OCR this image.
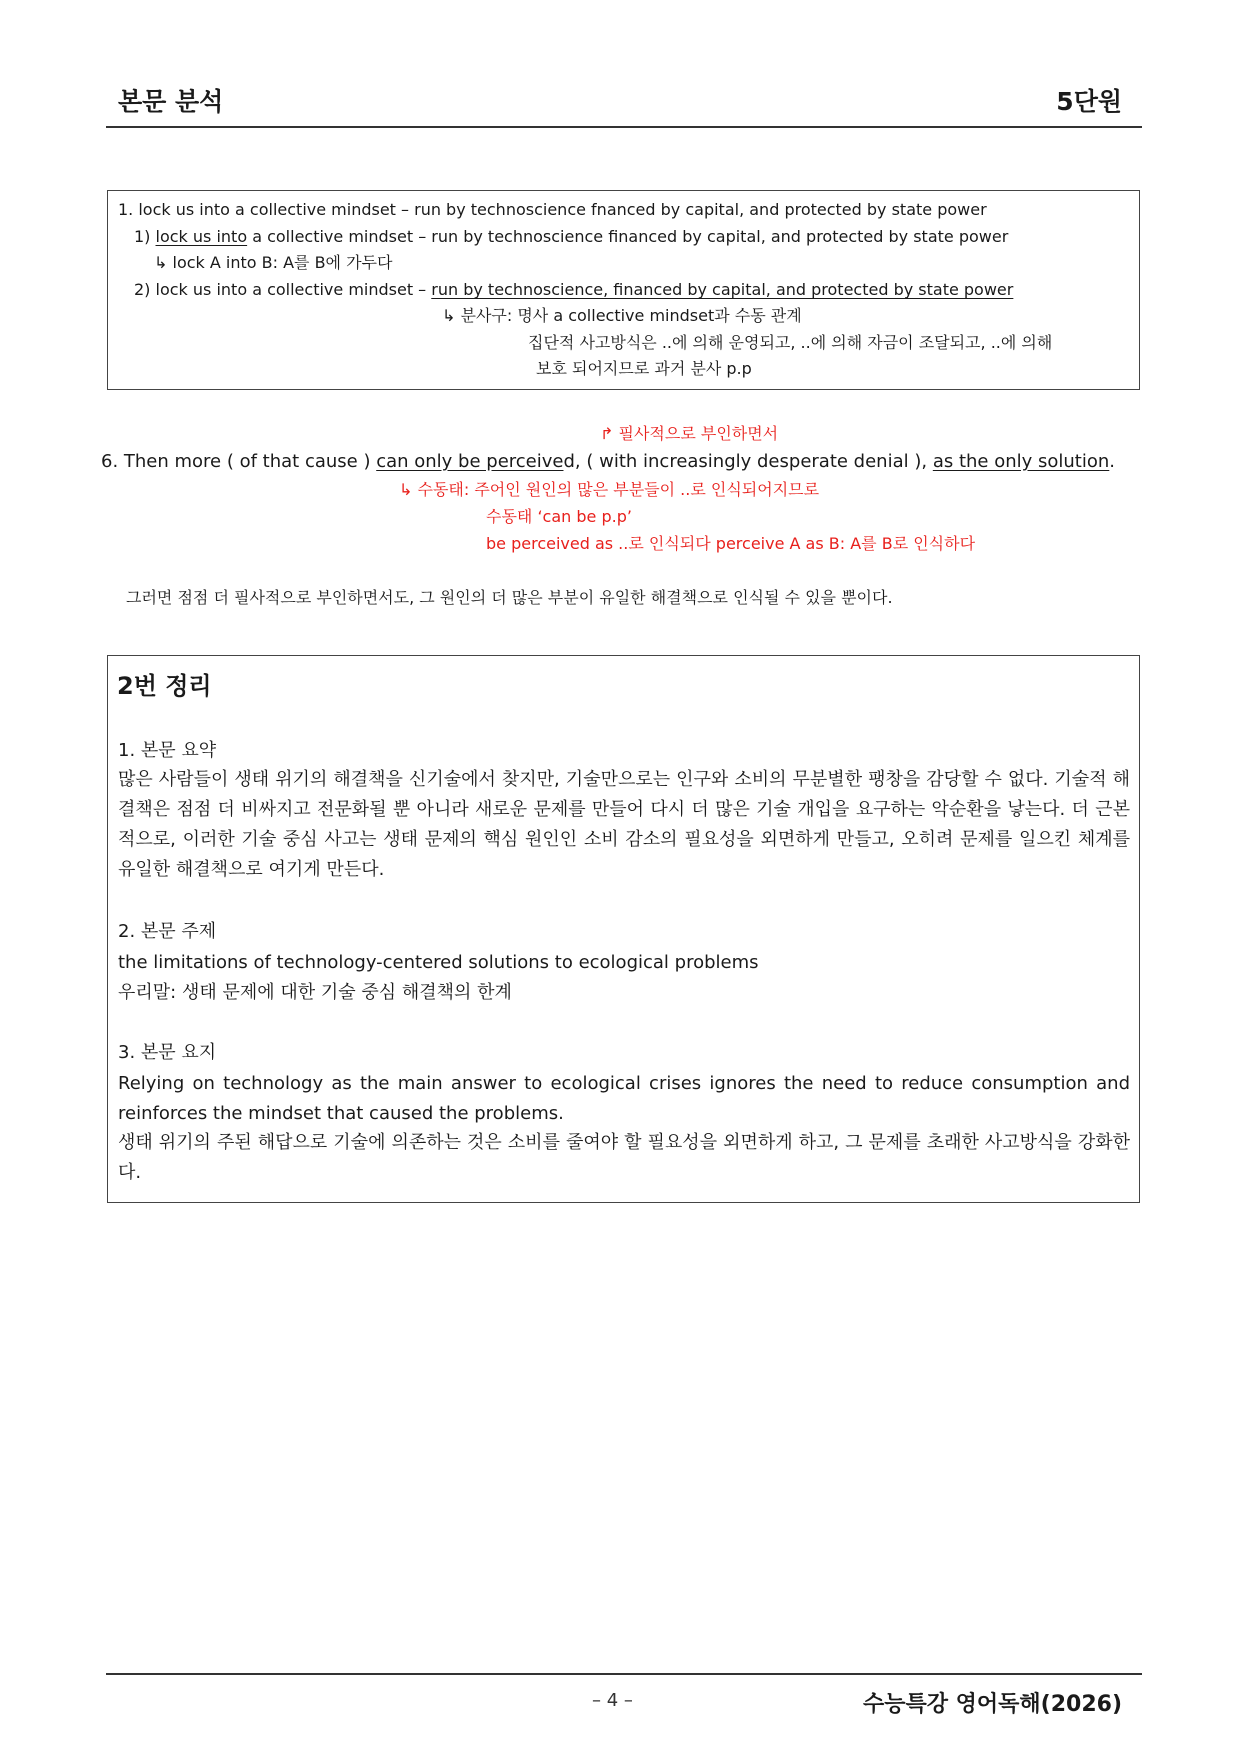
본문 분석	5단원
1. lock us into a collective mindset – run by technoscience fnanced by capital, and protected by state power
1) lock us into a collective mindset – run by technoscience financed by capital, and protected by state power
↳ lock A into B: A를 B에 가두다
2) lock us into a collective mindset – run by technoscience, financed by capital, and protected by state power
↳ 분사구: 명사 a collective mindset과 수동 관계
집단적 사고방식은 ..에 의해 운영되고, ..에 의해 자금이 조달되고, ..에 의해
보호 되어지므로 과거 분사 p.p
↱ 필사적으로 부인하면서
6. Then more ( of that cause ) can only be perceived, ( with increasingly desperate denial ), as the only solution.
↳ 수동태: 주어인 원인의 많은 부분들이 ..로 인식되어지므로
수동태 ‘can be p.p’
be perceived as ..로 인식되다 perceive A as B: A를 B로 인식하다
그러면 점점 더 필사적으로 부인하면서도, 그 원인의 더 많은 부분이 유일한 해결책으로 인식될 수 있을 뿐이다.
2번 정리
1. 본문 요약
많은 사람들이 생태 위기의 해결책을 신기술에서 찾지만, 기술만으로는 인구와 소비의 무분별한 팽창을 감당할 수 없다. 기술적 해결책은 점점 더 비싸지고 전문화될 뿐 아니라 새로운 문제를 만들어 다시 더 많은 기술 개입을 요구하는 악순환을 낳는다. 더 근본적으로, 이러한 기술 중심 사고는 생태 문제의 핵심 원인인 소비 감소의 필요성을 외면하게 만들고, 오히려 문제를 일으킨 체계를 유일한 해결책으로 여기게 만든다.
2. 본문 주제
the limitations of technology-centered solutions to ecological problems
우리말: 생태 문제에 대한 기술 중심 해결책의 한계
3. 본문 요지
Relying on technology as the main answer to ecological crises ignores the need to reduce consumption and reinforces the mindset that caused the problems.
생태 위기의 주된 해답으로 기술에 의존하는 것은 소비를 줄여야 할 필요성을 외면하게 하고, 그 문제를 초래한 사고방식을 강화한다.
– 4 –	수능특강 영어독해(2026)
